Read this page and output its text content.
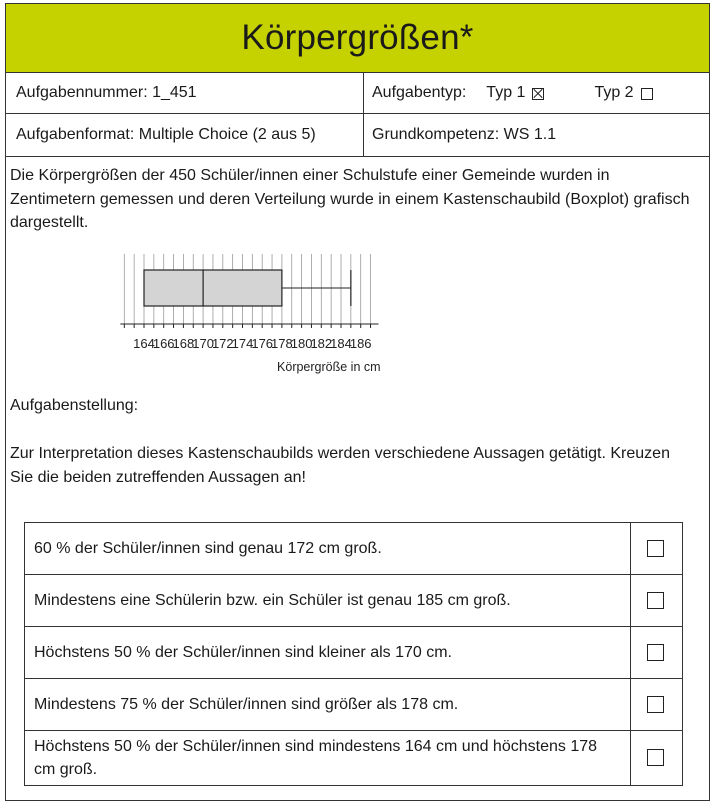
Körpergrößen*
Aufgabennummer: 1_451	Aufgabentyp: Typ 1	Typ 2
Aufgabenformat: Multiple Choice (2 aus 5)	Grundkompetenz: WS 1.1
Die Körpergrößen der 450 Schüler/innen einer Schulstufe einer Gemeinde wurden in Zentimetern gemessen und deren Verteilung wurde in einem Kastenschaubild (Boxplot) grafisch dargestellt.
164
166
168
170
172
174
176
178
180
182
184
186
Körpergröße in cm
Aufgabenstellung:
Zur Interpretation dieses Kastenschaubilds werden verschiedene Aussagen getätigt. Kreuzen Sie die beiden zutreffenden Aussagen an!
60 % der Schüler/innen sind genau 172 cm groß.
Mindestens eine Schülerin bzw. ein Schüler ist genau 185 cm groß.
Höchstens 50 % der Schüler/innen sind kleiner als 170 cm.
Mindestens 75 % der Schüler/innen sind größer als 178 cm.
Höchstens 50 % der Schüler/innen sind mindestens 164 cm und höchstens 178 cm groß.
